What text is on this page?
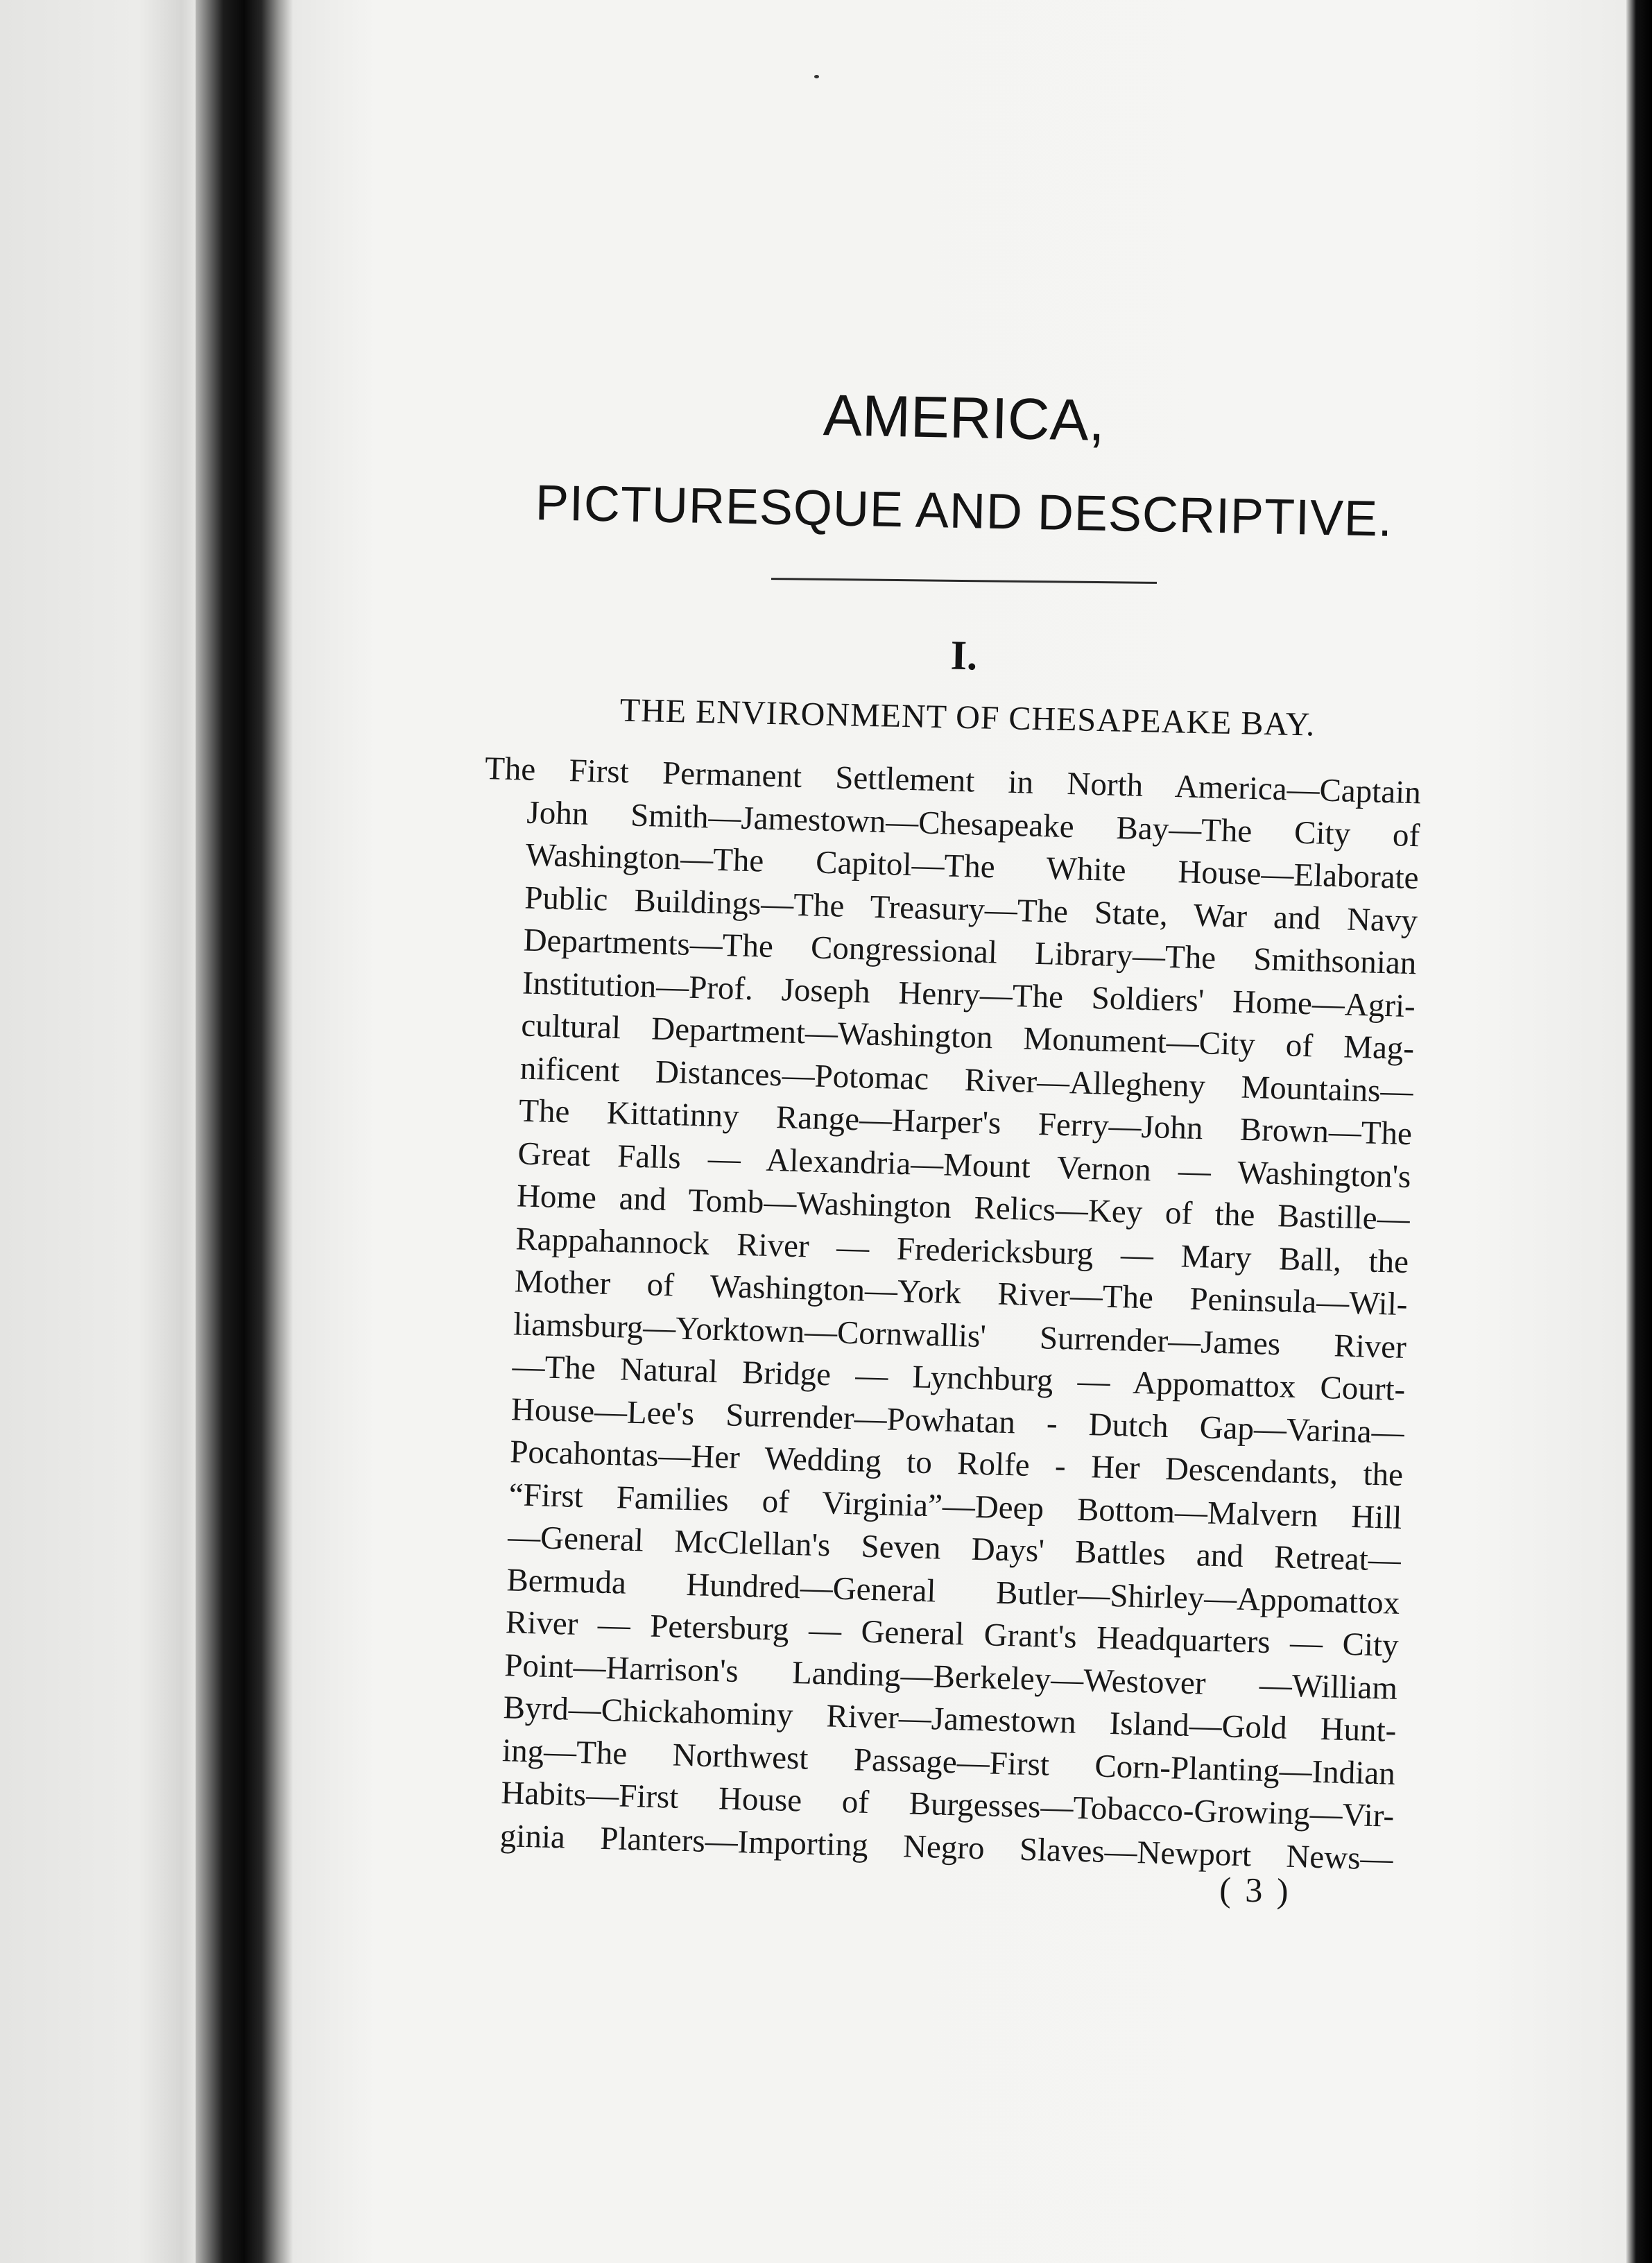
AMERICA,
PICTURESQUE AND DESCRIPTIVE.
I.
THE ENVIRONMENT OF CHESAPEAKE BAY.
The First Permanent Settlement in North America—Captain
John Smith—Jamestown—Chesapeake Bay—The City of
Washington—The Capitol—The White House—Elaborate
Public Buildings—The Treasury—The State, War and Navy
Departments—The Congressional Library—The Smithsonian
Institution—Prof. Joseph Henry—The Soldiers' Home—Agri-
cultural Department—Washington Monument—City of Mag-
nificent Distances—Potomac River—Allegheny Mountains—
The Kittatinny Range—Harper's Ferry—John Brown—The
Great Falls — Alexandria—Mount Vernon — Washington's
Home and Tomb—Washington Relics—Key of the Bastille—
Rappahannock River — Fredericksburg — Mary Ball, the
Mother of Washington—York River—The Peninsula—Wil-
liamsburg—Yorktown—Cornwallis' Surrender—James River
—The Natural Bridge — Lynchburg — Appomattox Court-
House—Lee's Surrender—Powhatan - Dutch Gap—Varina—
Pocahontas—Her Wedding to Rolfe - Her Descendants, the
“First Families of Virginia”—Deep Bottom—Malvern Hill
—General McClellan's Seven Days' Battles and Retreat—
Bermuda Hundred—General Butler—Shirley—Appomattox
River — Petersburg — General Grant's Headquarters — City
Point—Harrison's Landing—Berkeley—Westover —William
Byrd—Chickahominy River—Jamestown Island—Gold Hunt-
ing—The Northwest Passage—First Corn-Planting—Indian
Habits—First House of Burgesses—Tobacco-Growing—Vir-
ginia Planters—Importing Negro Slaves—Newport News—
( 3 )
